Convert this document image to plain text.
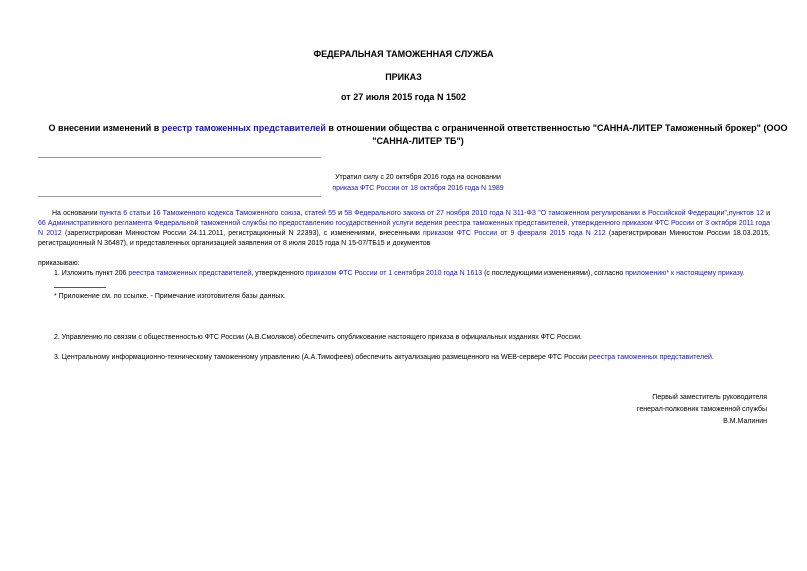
ФЕДЕРАЛЬНАЯ ТАМОЖЕННАЯ СЛУЖБА
ПРИКАЗ
от 27 июля 2015 года N 1502
О внесении изменений в реестр таможенных представителей в отношении общества с ограниченной ответственностью "САННА-ЛИТЕР Таможенный брокер" (ООО
"САННА-ЛИТЕР ТБ")
Утратил силу с 20 октября 2016 года на основании
приказа ФТС России от 18 октября 2016 года N 1989

На основании пункта 6 статьи 16 Таможенного кодекса Таможенного союза, статей 55 и 58 Федерального закона от 27 ноября 2010 года N 311-ФЗ "О таможенном регулировании в Российской Федерации",пунктов 12 и 66 Административного регламента Федеральной таможенной службы по предоставлению государственной услуги ведения реестра таможенных представителей, утвержденного приказом ФТС России от 3 октября 2011 года N 2012 (зарегистрирован Минюстом России 24.11.2011, регистрационный N 22393), с изменениями, внесенными приказом ФТС России от 9 февраля 2015 года N 212 (зарегистрирован Минюстом России 18.03.2015, регистрационный N 36487), и представленных организацией заявления от 8 июля 2015 года N 15-07/ТБ15 и документов

приказываю:
1. Изложить пункт 206 реестра таможенных представителей, утвержденного приказом ФТС России от 1 сентября 2010 года N 1613 (с последующими изменениями), согласно приложению* к настоящему приказу.
* Приложение см. по ссылке. - Примечание изготовителя базы данных.
2. Управлению по связям с общественностью ФТС России (А.В.Смоляков) обеспечить опубликование настоящего приказа в официальных изданиях ФТС России.
3. Центральному информационно-техническому таможенному управлению (А.А.Тимофеев) обеспечить актуализацию размещенного на WEB-сервере ФТС России реестра таможенных представителей.
Первый заместитель руководителя
генерал-полковник таможенной службы
В.М.Малинин
